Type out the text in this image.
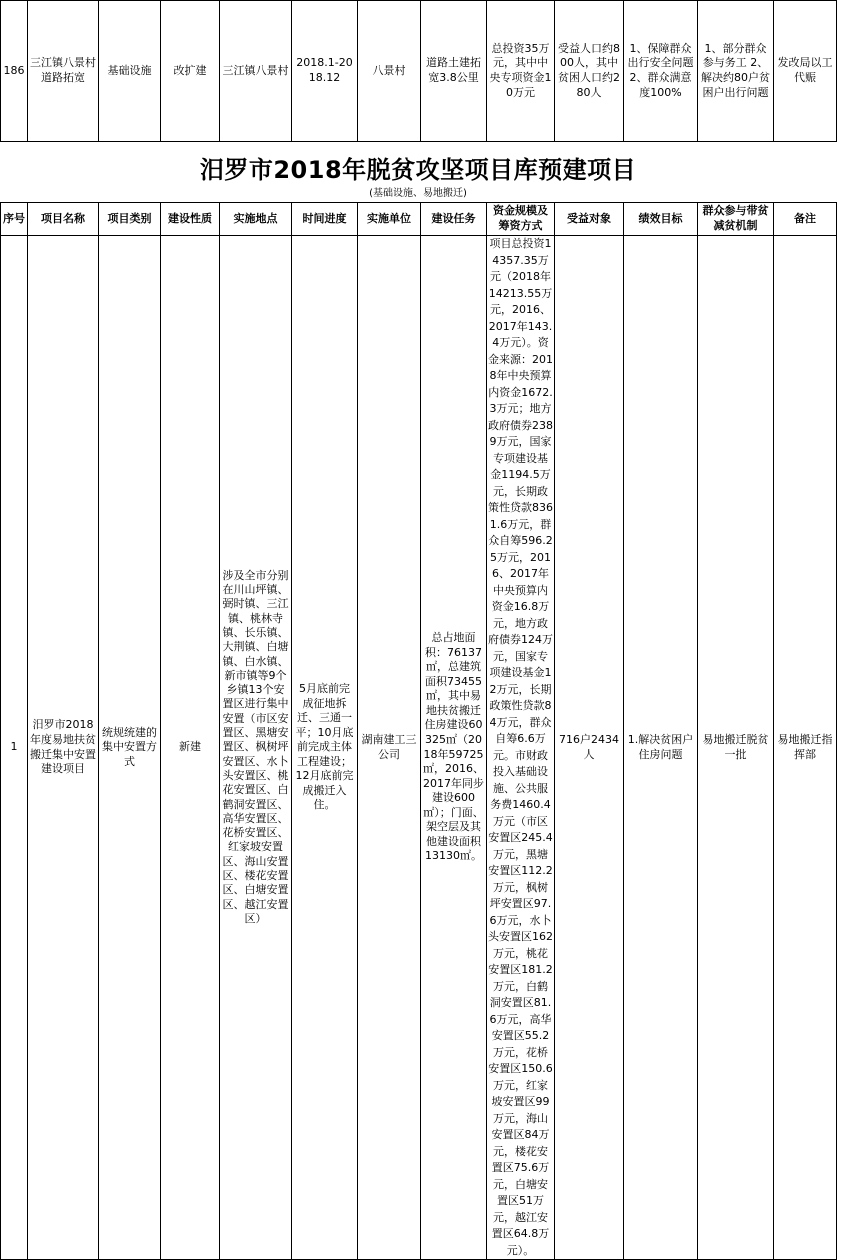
186	三江镇八景村道路拓宽	基础设施	改扩建	三江镇八景村	2018.1-2018.12	八景村	道路土建拓宽3.8公里	总投资35万元，其中中央专项资金10万元	受益人口约800人，其中贫困人口约280人	1、保障群众出行安全问题 2、群众满意度100%	1、部分群众参与务工 2、解决约80户贫困户出行问题	发改局以工代赈
汨罗市2018年脱贫攻坚项目库预建项目
(基础设施、易地搬迁)
序号	项目名称	项目类别	建设性质	实施地点	时间进度	实施单位	建设任务	资金规模及筹资方式	受益对象	绩效目标	群众参与带贫减贫机制	备注
1	汨罗市2018年度易地扶贫搬迁集中安置建设项目	统规统建的集中安置方式	新建	涉及全市分别在川山坪镇、弼时镇、三江镇、桃林寺镇、长乐镇、大荆镇、白塘镇、白水镇、新市镇等9个乡镇13个安置区进行集中安置（市区安置区、黑塘安置区、枫树坪安置区、水卜头安置区、桃花安置区、白鹤洞安置区、高华安置区、花桥安置区、红家坡安置区、海山安置区、楼花安置区、白塘安置区、越江安置区）	5月底前完成征地拆迁、三通一平；10月底前完成主体工程建设；12月底前完成搬迁入住。	湖南建工三公司	总占地面积：76137㎡，总建筑面积73455㎡，其中易地扶贫搬迁住房建设60325㎡（2018年59725㎡，2016、2017年同步建设600㎡）；门面、架空层及其他建设面积13130㎡。	项目总投资14357.35万元（2018年14213.55万元，2016、2017年143.4万元）。资金来源：2018年中央预算内资金1672.3万元；地方政府债券2389万元，国家专项建设基金1194.5万元，长期政策性贷款8361.6万元，群众自筹596.25万元，2016、2017年中央预算内资金16.8万元，地方政府债券124万元，国家专项建设基金12万元，长期政策性贷款84万元，群众自筹6.6万元。市财政投入基础设施、公共服务费1460.4万元（市区安置区245.4万元，黑塘安置区112.2万元，枫树坪安置区97.6万元，水卜头安置区162万元，桃花安置区181.2万元，白鹤洞安置区81.6万元，高华安置区55.2万元，花桥安置区150.6万元，红家坡安置区99万元，海山安置区84万元，楼花安置区75.6万元，白塘安置区51万元，越江安置区64.8万元）。	716户2434人	1.解决贫困户住房问题	易地搬迁脱贫一批	易地搬迁指挥部
